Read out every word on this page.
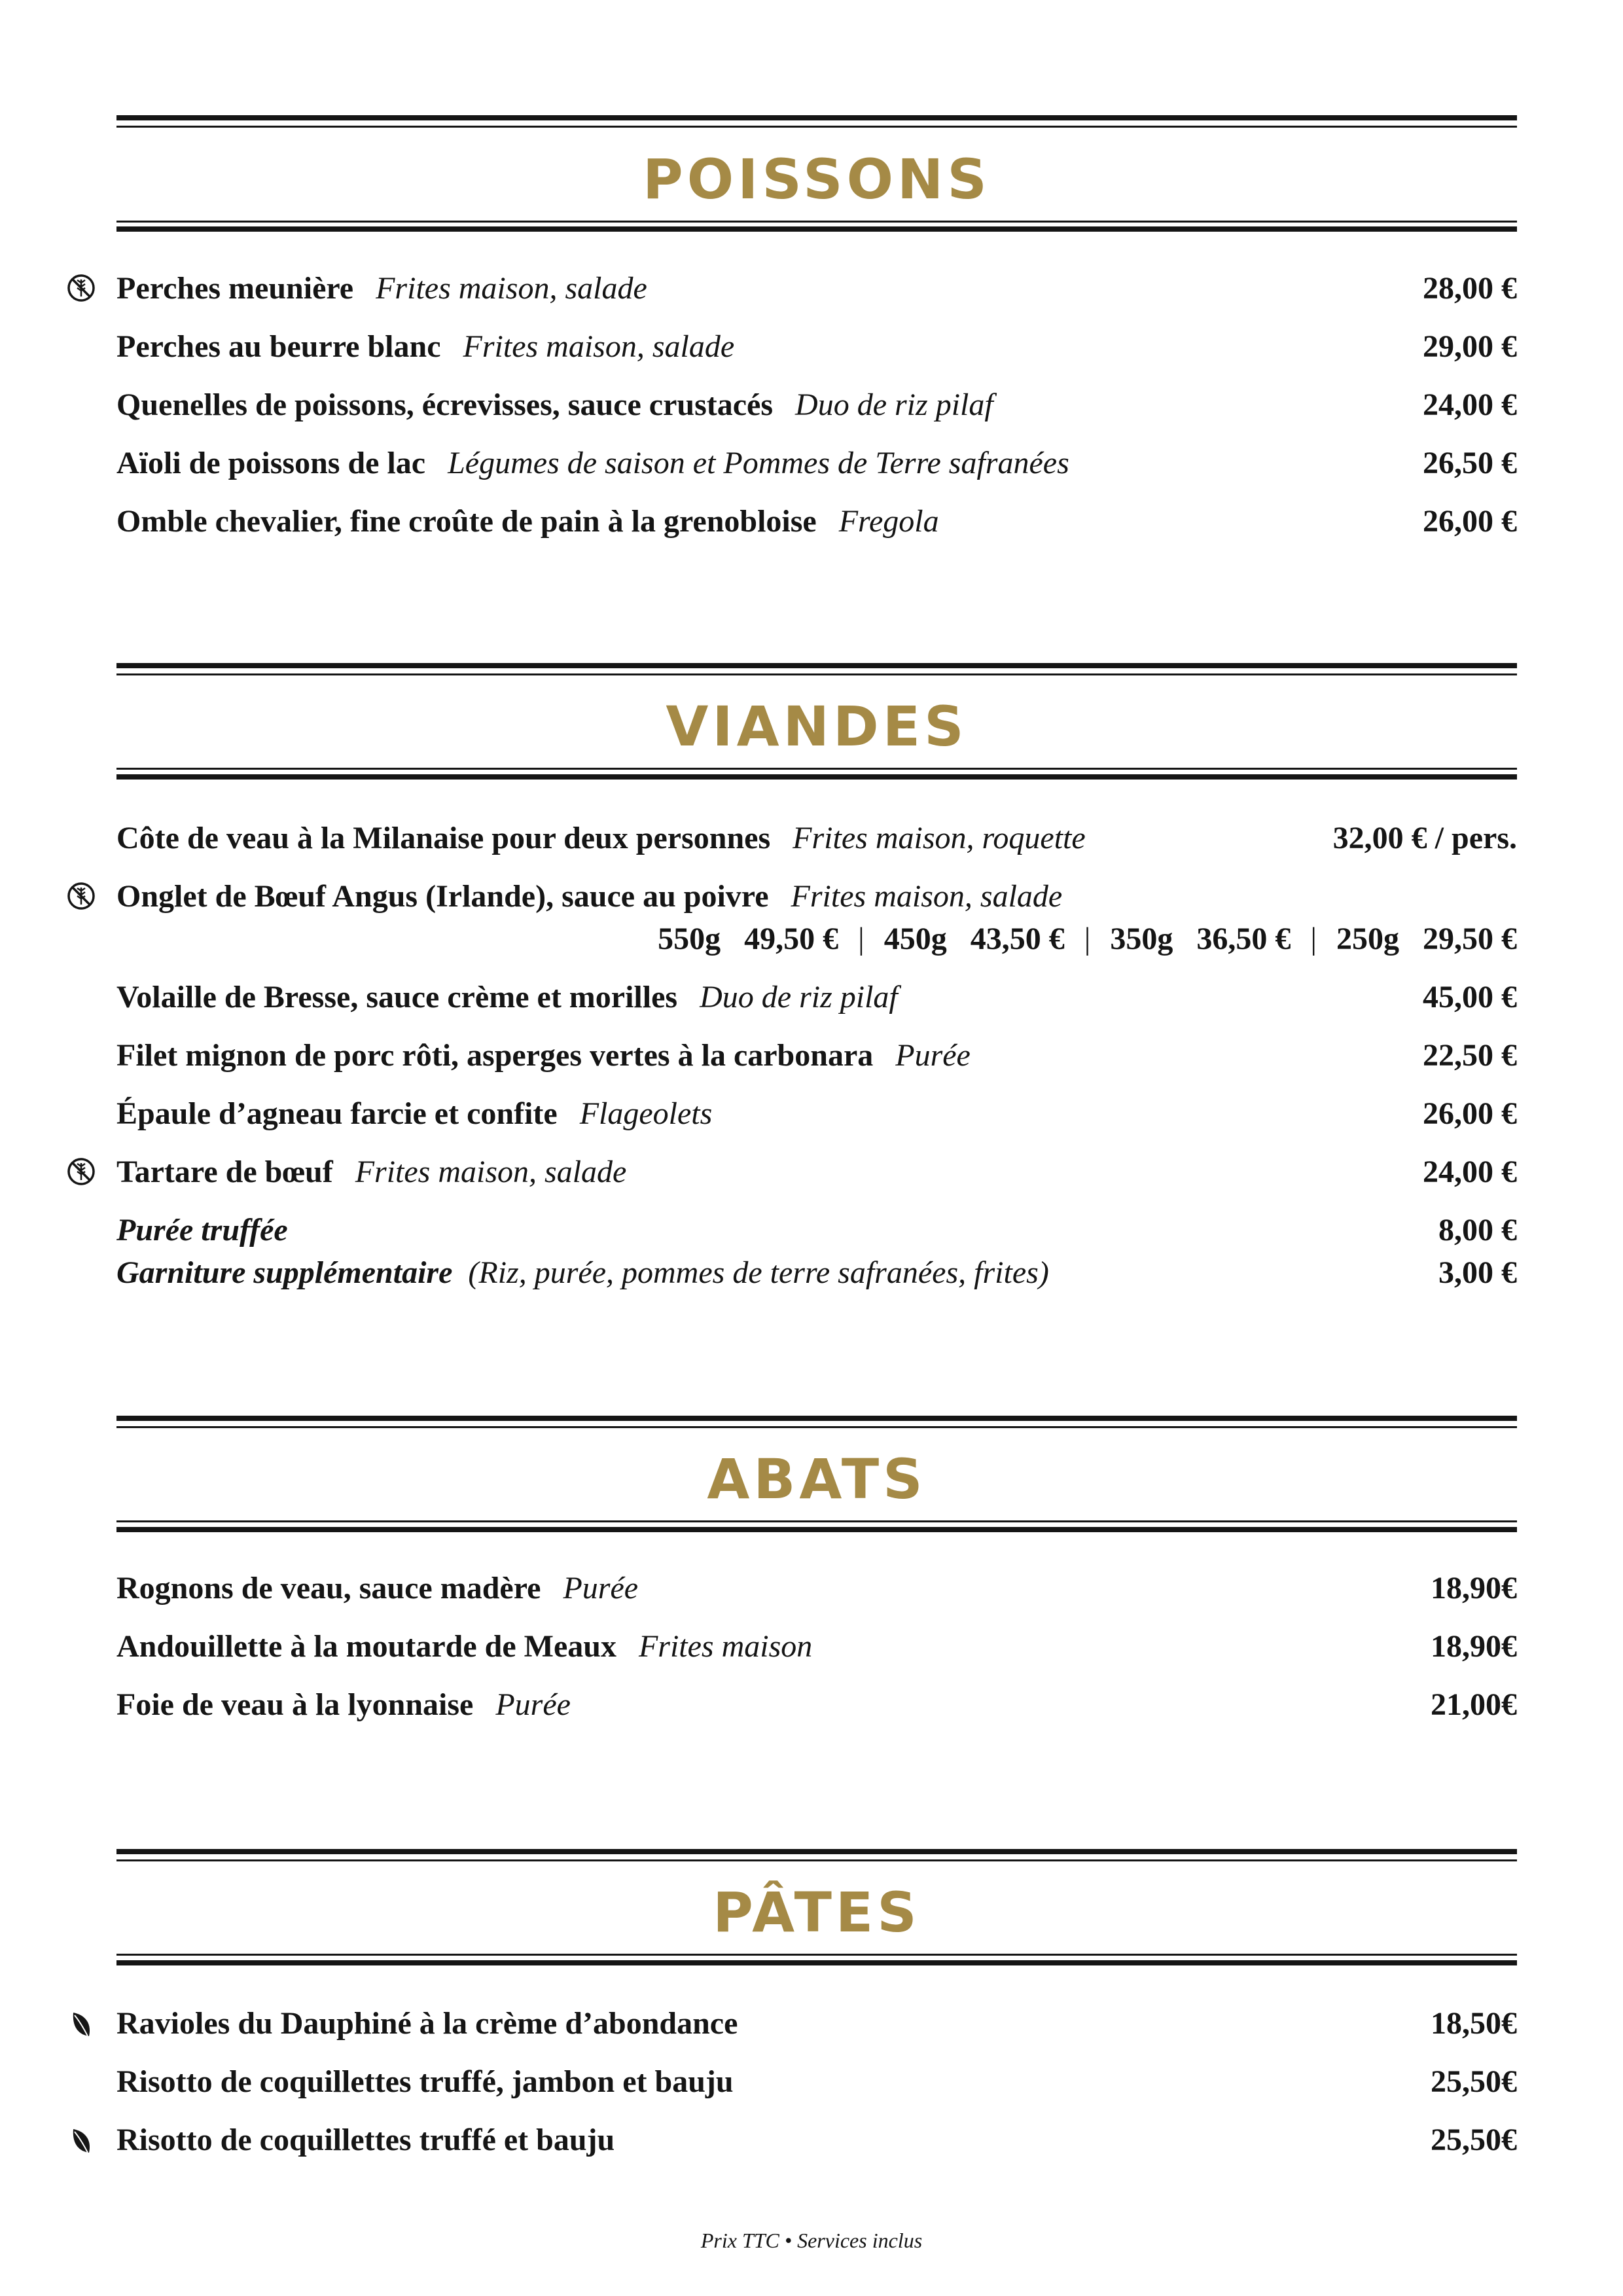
POISSONS
Perches meunière Frites maison, salade	28,00 €
Perches au beurre blanc Frites maison, salade	29,00 €
Quenelles de poissons, écrevisses, sauce crustacés Duo de riz pilaf	24,00 €
Aïoli de poissons de lac Légumes de saison et Pommes de Terre safranées	26,50 €
Omble chevalier, fine croûte de pain à la grenobloise Fregola	26,00 €
VIANDES
Côte de veau à la Milanaise pour deux personnes Frites maison, roquette	32,00 € / pers.
Onglet de Bœuf Angus (Irlande), sauce au poivre Frites maison, salade
550g 49,50 € | 450g 43,50 € | 350g 36,50 € | 250g 29,50 €
Volaille de Bresse, sauce crème et morilles Duo de riz pilaf	45,00 €
Filet mignon de porc rôti, asperges vertes à la carbonara Purée	22,50 €
Épaule d’agneau farcie et confite Flageolets	26,00 €
Tartare de bœuf Frites maison, salade	24,00 €
Purée truffée	8,00 €
Garniture supplémentaire (Riz, purée, pommes de terre safranées, frites)	3,00 €
ABATS
Rognons de veau, sauce madère Purée	18,90€
Andouillette à la moutarde de Meaux Frites maison	18,90€
Foie de veau à la lyonnaise Purée	21,00€
PÂTES
Ravioles du Dauphiné à la crème d’abondance	18,50€
Risotto de coquillettes truffé, jambon et bauju	25,50€
Risotto de coquillettes truffé et bauju	25,50€
Prix TTC • Services inclus
